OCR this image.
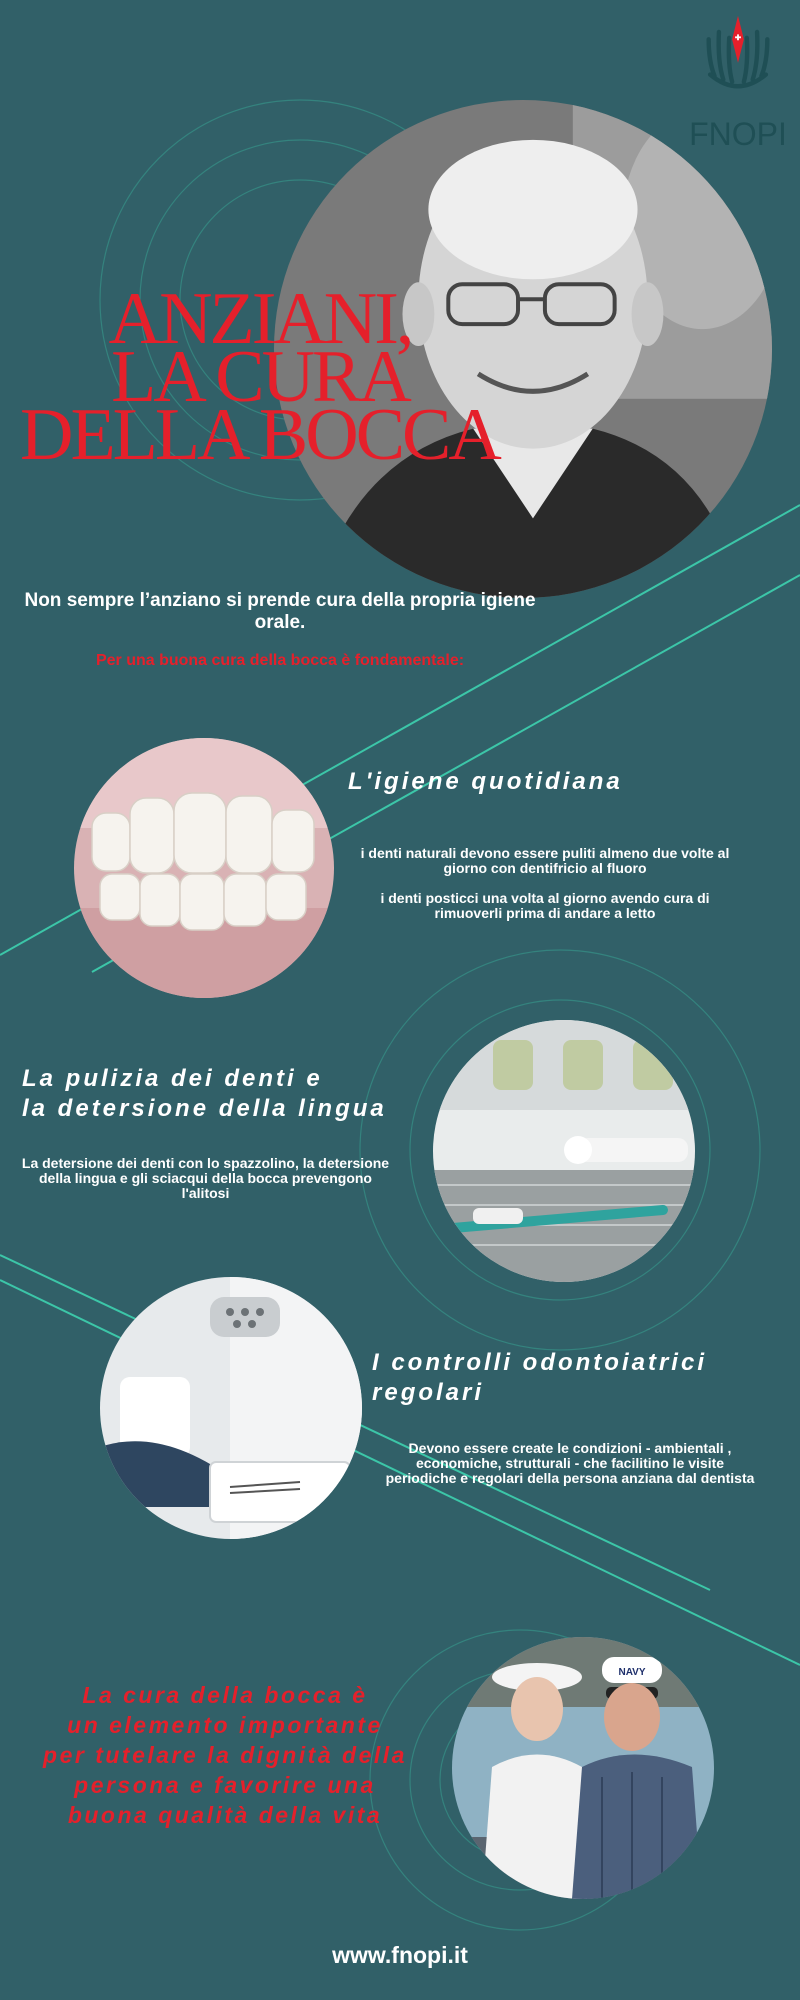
FNOPI
ANZIANI,
LA CURA
DELLA BOCCA
Non sempre l’anziano si prende cura della propria igiene orale.
Per una buona cura della bocca è fondamentale:
L'igiene quotidiana
i denti naturali devono essere puliti almeno due volte al giorno con dentifricio al fluoro
i denti posticci una volta al giorno avendo cura di rimuoverli prima di andare a letto
La pulizia dei denti e
la detersione della lingua
La detersione dei denti con lo spazzolino, la detersione della lingua e gli sciacqui della bocca prevengono l'alitosi
I controlli odontoiatrici
regolari
Devono essere create le condizioni - ambientali , economiche, strutturali - che facilitino le visite periodiche e regolari della persona anziana dal dentista
La cura della bocca è
un elemento importante
per tutelare la dignità della
persona e favorire una
buona qualità della vita
NAVY
www.fnopi.it
